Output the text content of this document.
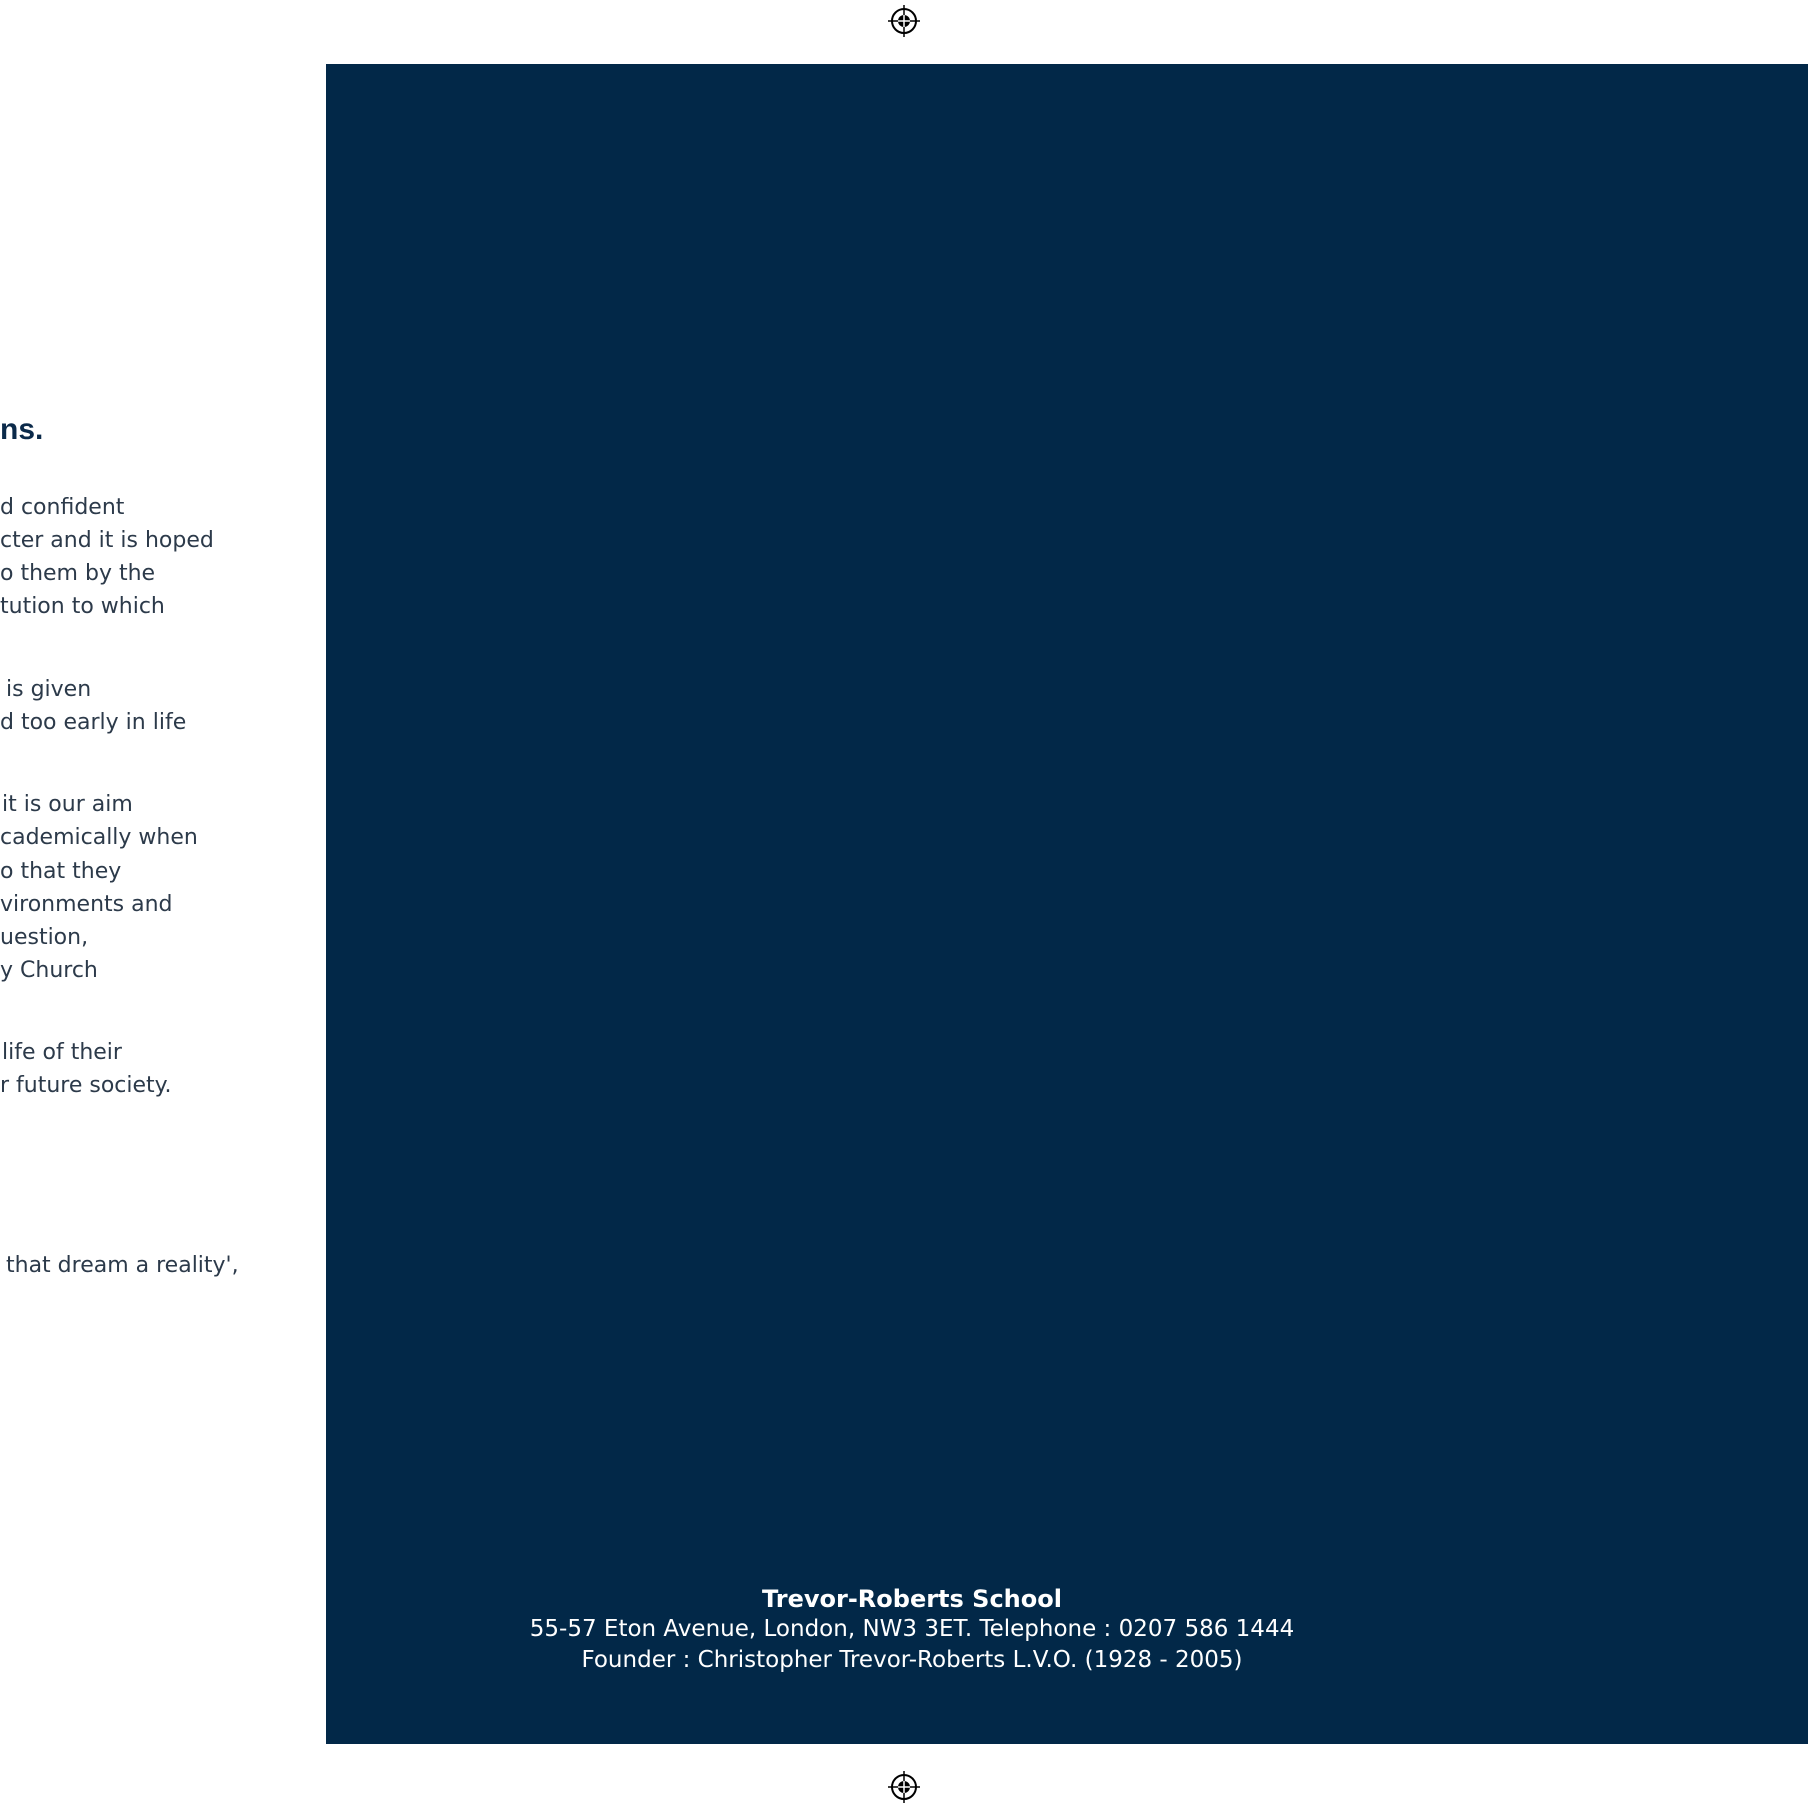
ns.
d confident
cter and it is hoped
o them by the
tution to which
is given
d too early in life
it is our aim
cademically when
o that they
vironments and
uestion,
y Church
life of their
r future society.
that dream a reality',
Trevor-Roberts School
55-57 Eton Avenue, London, NW3 3ET. Telephone : 0207 586 1444
Founder : Christopher Trevor-Roberts L.V.O. (1928 - 2005)
